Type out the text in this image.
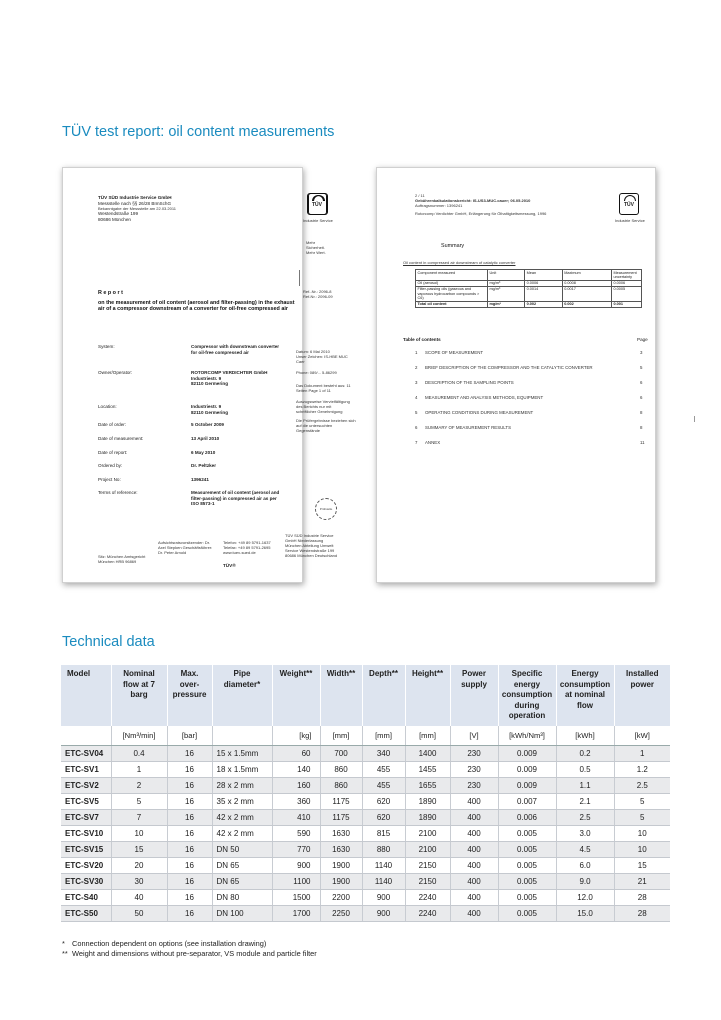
TÜV test report: oil content measurements
Technical data
TÜV SÜD Industrie Service GmbH
Messstelle nach §§ 26/28 BImSchG
Bekanntgabe der Messstelle am 22.03.2011
Westendstraße 199
80686 München
TÜV
Industrie Service
Mehr Sicherheit. Mehr Wert.
Report	Ref.-Nr.: 2096-8
Ref-Nr.: 2096-09
on the measurement of oil content (aerosol and filter-passing) in the exhaust air of a compressor downstream of a converter for oil-free compressed air
System:	Compressor with downstream converter for oil-free compressed air
Owner/Operator:	ROTORCOMP VERDICHTER GmbH
Industriestr. 9
82110 Germering
Location:	Industriestr. 9
82110 Germering
Date of order:	5 October 2009
Date of measurement:	13 April 2010
Date of report:	6 May 2010
Ordered by:	Dr. Peltzker
Project No:	1396241
Terms of reference:	Measurement of oil content (aerosol and filter-passing) in compressed air as per ISO 8573-1
Datum: 6 Mai 2010
Unser Zeichen: IS-HBE MUC Caer
Phone: 089/... 5-86299
Das Dokument besteht aus: 11 Seiten Page 1 of 11
Auszugsweise Vervielfältigung
des Berichts nur mit
schriftlicher Genehmigung
Die Prüfergebnisse beziehen sich
auf die untersuchten Gegenstände
Prüfstelle
Aufsichtsratsvorsitzender: Dr. Axel Stepken Geschäftsführer: Dr. Peter Arnold
Telefon: +49 89 5791-1637 Telefax: +49 89 5791-2695 www.tuev-sued.de
TÜV SÜD Industrie Service GmbH Niederlassung München Abteilung Umwelt Service Westendstraße 199 80686 München Deutschland
Sitz: München Amtsgericht München HRB 96869
TÜV®
2 / 11
Gebührenkalkulationsbericht: IS-US3-MUC.cauer; 06.05.2010
Auftragsnummer: 1396241
Rotorcomp Verdichter GmbH, Erlängerung für Ölhaltigkeitsmessung, 1996
TÜV
Industrie Service
Summary
Oil content in compressed air downstream of catalytic converter
Component measured	Unit	Mean	Maximum	Measurement uncertainty
Oil (aerosol)	mg/m³	0.0006	0.0008	0.0006
Filter-passing oils (gaseous and vaporous hydrocarbon compounds > C6)	mg/m³	0.0014	0.0017	0.0005
Total oil content	mg/m³	0.002	0.002	0.001
Table of contents	Page
1 SCOPE OF MEASUREMENT	3
2 BRIEF DESCRIPTION OF THE COMPRESSOR AND THE CATALYTIC CONVERTER	5
3 DESCRIPTION OF THE SAMPLING POINTS	6
4 MEASUREMENT AND ANALYSIS METHODS, EQUIPMENT	6
5 OPERATING CONDITIONS DURING MEASUREMENT	8
6 SUMMARY OF MEASUREMENT RESULTS	8
7 ANNEX	11
Model	Nominal flow at 7 barg	Max. over-pressure	Pipe diameter*	Weight**	Width**	Depth**	Height**	Power supply	Specific energy consumption during operation	Energy consumption at nominal flow	Installed power
	[Nm³/min]	[bar]		[kg]	[mm]	[mm]	[mm]	[V]	[kWh/Nm³]	[kWh]	[kW]
ETC-SV04	0.4	16	15 x 1.5mm	60	700	340	1400	230	0.009	0.2	1
ETC-SV1	1	16	18 x 1.5mm	140	860	455	1455	230	0.009	0.5	1.2
ETC-SV2	2	16	28 x 2 mm	160	860	455	1655	230	0.009	1.1	2.5
ETC-SV5	5	16	35 x 2 mm	360	1175	620	1890	400	0.007	2.1	5
ETC-SV7	7	16	42 x 2 mm	410	1175	620	1890	400	0.006	2.5	5
ETC-SV10	10	16	42 x 2 mm	590	1630	815	2100	400	0.005	3.0	10
ETC-SV15	15	16	DN 50	770	1630	880	2100	400	0.005	4.5	10
ETC-SV20	20	16	DN 65	900	1900	1140	2150	400	0.005	6.0	15
ETC-SV30	30	16	DN 65	1100	1900	1140	2150	400	0.005	9.0	21
ETC-S40	40	16	DN 80	1500	2200	900	2240	400	0.005	12.0	28
ETC-S50	50	16	DN 100	1700	2250	900	2240	400	0.005	15.0	28
* Connection dependent on options (see installation drawing)
** Weight and dimensions without pre-separator, VS module and particle filter
